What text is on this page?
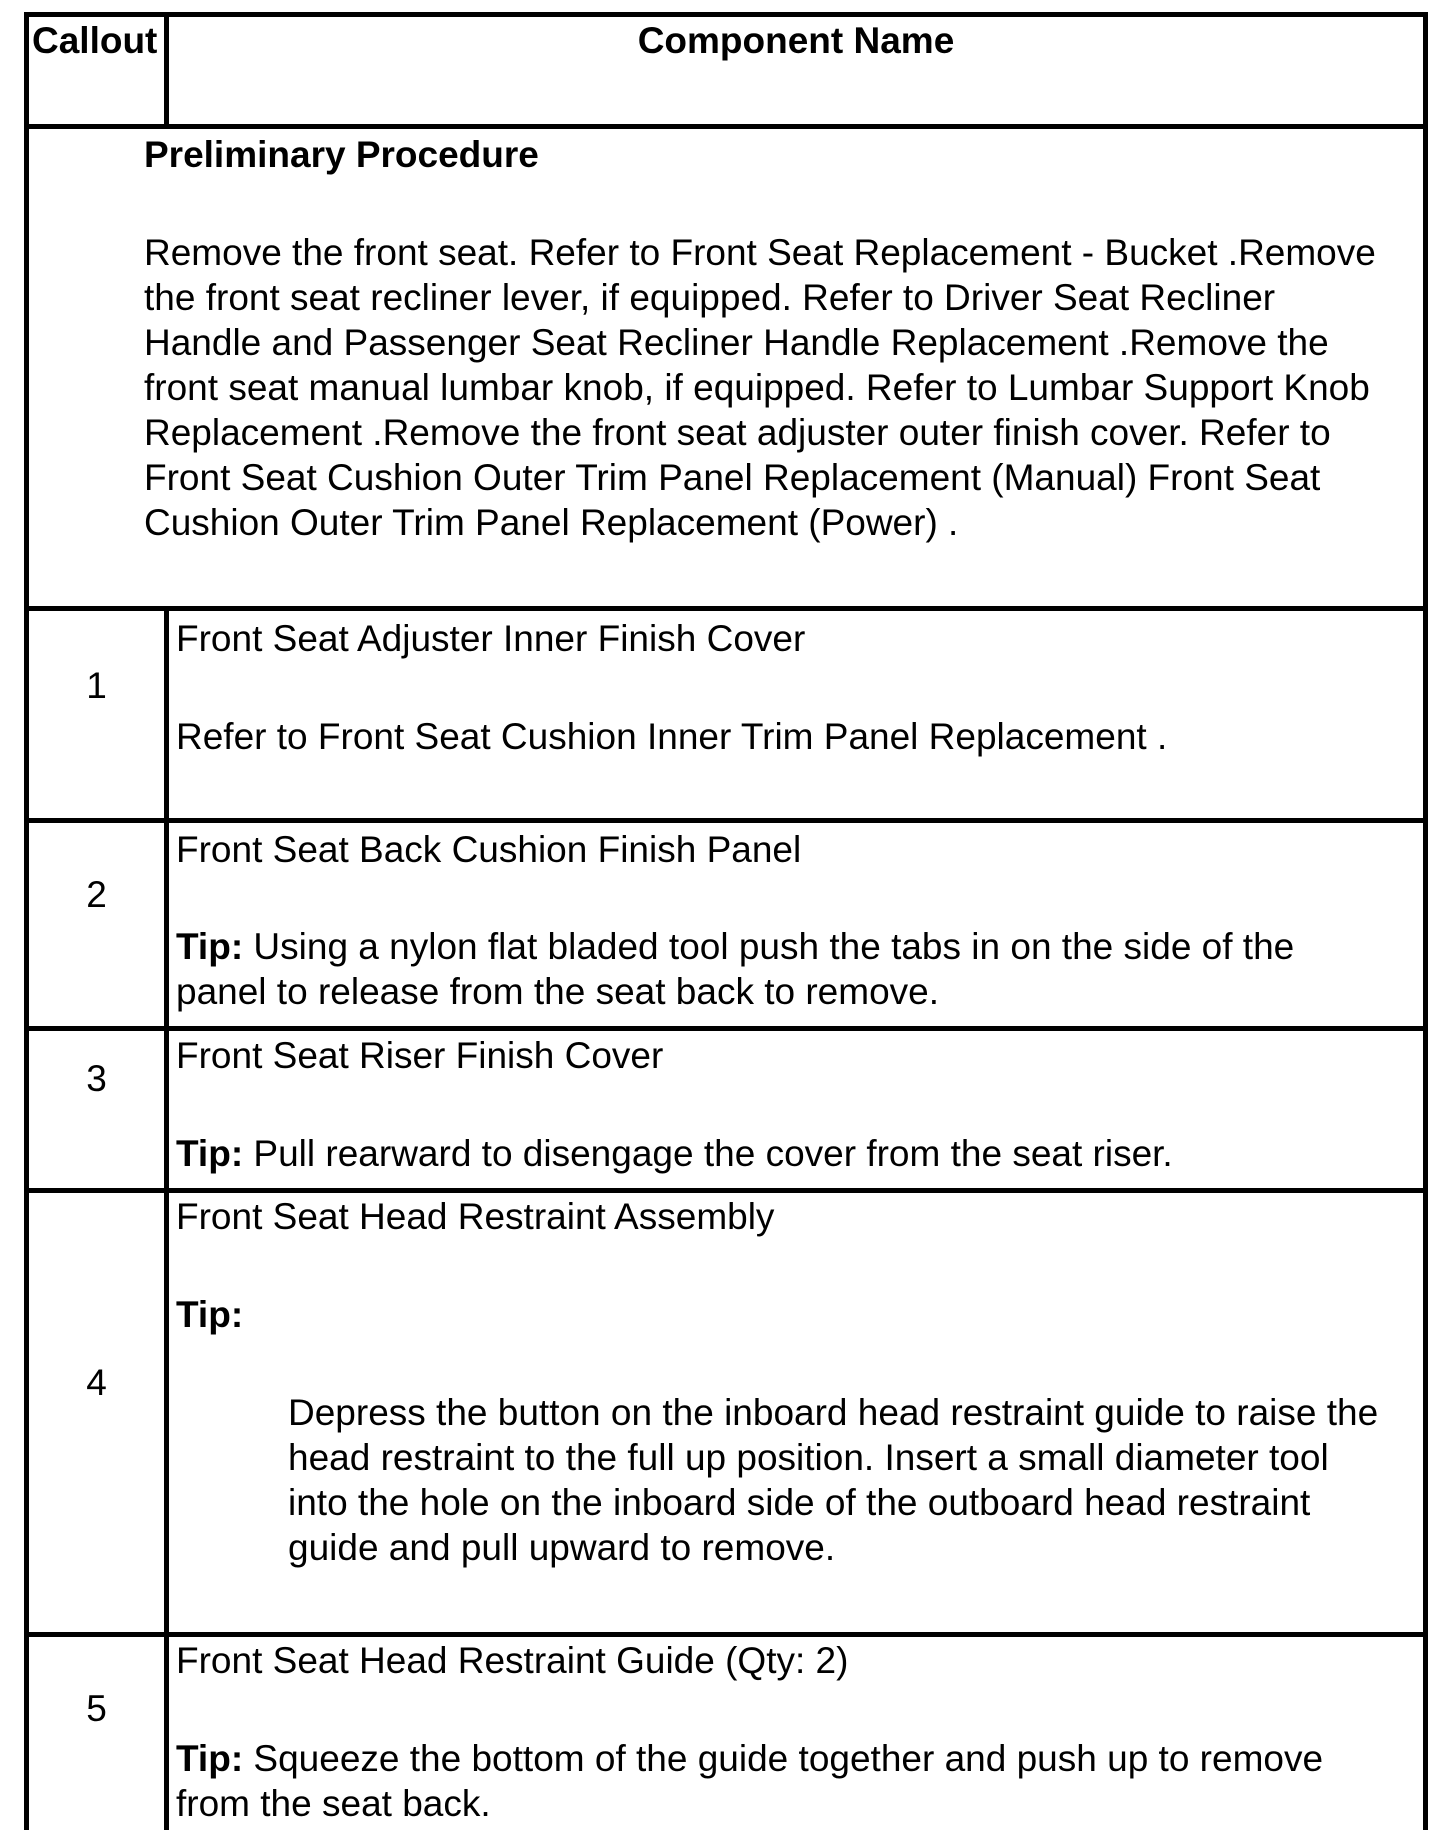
Callout	Component Name
Preliminary Procedure
Remove the front seat. Refer to Front Seat Replacement - Bucket .Remove
the front seat recliner lever, if equipped. Refer to Driver Seat Recliner
Handle and Passenger Seat Recliner Handle Replacement .Remove the
front seat manual lumbar knob, if equipped. Refer to Lumbar Support Knob
Replacement .Remove the front seat adjuster outer finish cover. Refer to
Front Seat Cushion Outer Trim Panel Replacement (Manual) Front Seat
Cushion Outer Trim Panel Replacement (Power) .
1
Front Seat Adjuster Inner Finish Cover
Refer to Front Seat Cushion Inner Trim Panel Replacement .
2
Front Seat Back Cushion Finish Panel
Tip: Using a nylon flat bladed tool push the tabs in on the side of the
panel to release from the seat back to remove.
3
Front Seat Riser Finish Cover
Tip: Pull rearward to disengage the cover from the seat riser.
4
Front Seat Head Restraint Assembly
Tip:
Depress the button on the inboard head restraint guide to raise the
head restraint to the full up position. Insert a small diameter tool
into the hole on the inboard side of the outboard head restraint
guide and pull upward to remove.
5
Front Seat Head Restraint Guide (Qty: 2)
Tip: Squeeze the bottom of the guide together and push up to remove
from the seat back.
